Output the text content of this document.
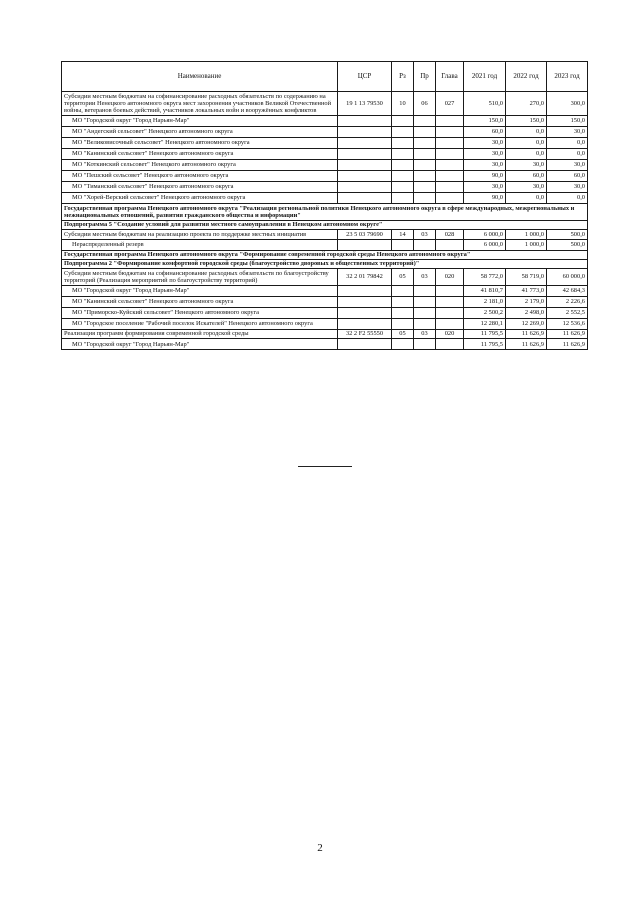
Наименование	ЦСР	Рз	Пр	Глава	2021 год	2022 год	2023 год
Субсидии местным бюджетам на софинансирование расходных обязательств по содержанию на территории Ненецкого автономного округа мест захоронения участников Великой Отечественной войны, ветеранов боевых действий, участников локальных войн и вооружённых конфликтов	19 1 13 79530	10	06	027	510,0	270,0	300,0
МО "Городской округ "Город Нарьян-Мар"					150,0	150,0	150,0
МО "Андегский сельсовет" Ненецкого автономного округа					60,0	0,0	30,0
МО "Великовисочный сельсовет" Ненецкого автономного округа					30,0	0,0	0,0
МО "Канинский сельсовет" Ненецкого автономного округа					30,0	0,0	0,0
МО "Коткинский сельсовет" Ненецкого автономного округа					30,0	30,0	30,0
МО "Пешский сельсовет" Ненецкого автономного округа					90,0	60,0	60,0
МО "Тиманский сельсовет" Ненецкого автономного округа					30,0	30,0	30,0
МО "Хорей-Верский сельсовет" Ненецкого автономного округа					90,0	0,0	0,0
Государственная программа Ненецкого автономного округа "Реализация региональной политики Ненецкого автономного округа в сфере международных, межрегиональных и межнациональных отношений, развития гражданского общества и информации"							
Подпрограмма 5 "Создание условий для развития местного самоуправления в Ненецком автономном округе"							
Субсидии местным бюджетам на реализацию проекта по поддержке местных инициатив	23 5 03 79690	14	03	028	6 000,0	1 000,0	500,0
Нераспределенный резерв					6 000,0	1 000,0	500,0
Государственная программа Ненецкого автономного округа "Формирование современной городской среды Ненецкого автономного округа"							
Подпрограмма 2 "Формирование комфортной городской среды (благоустройство дворовых и общественных территорий)"							
Субсидии местным бюджетам на софинансирование расходных обязательств по благоустройству территорий (Реализация мероприятий по благоустройству территорий)	32 2 01 79842	05	03	020	58 772,0	58 719,0	60 000,0
МО "Городской округ "Город Нарьян-Мар"					41 810,7	41 773,0	42 684,3
МО "Канинский сельсовет" Ненецкого автономного округа					2 181,0	2 179,0	2 226,6
МО "Приморско-Куйский сельсовет" Ненецкого автономного округа					2 500,2	2 498,0	2 552,5
МО "Городское поселение "Рабочий поселок Искателей" Ненецкого автономного округа					12 280,1	12 269,0	12 536,6
Реализация программ формирования современной городской среды	32 2 F2 55550	05	03	020	11 795,5	11 626,9	11 626,9
МО "Городской округ "Город Нарьян-Мар"					11 795,5	11 626,9	11 626,9
2
